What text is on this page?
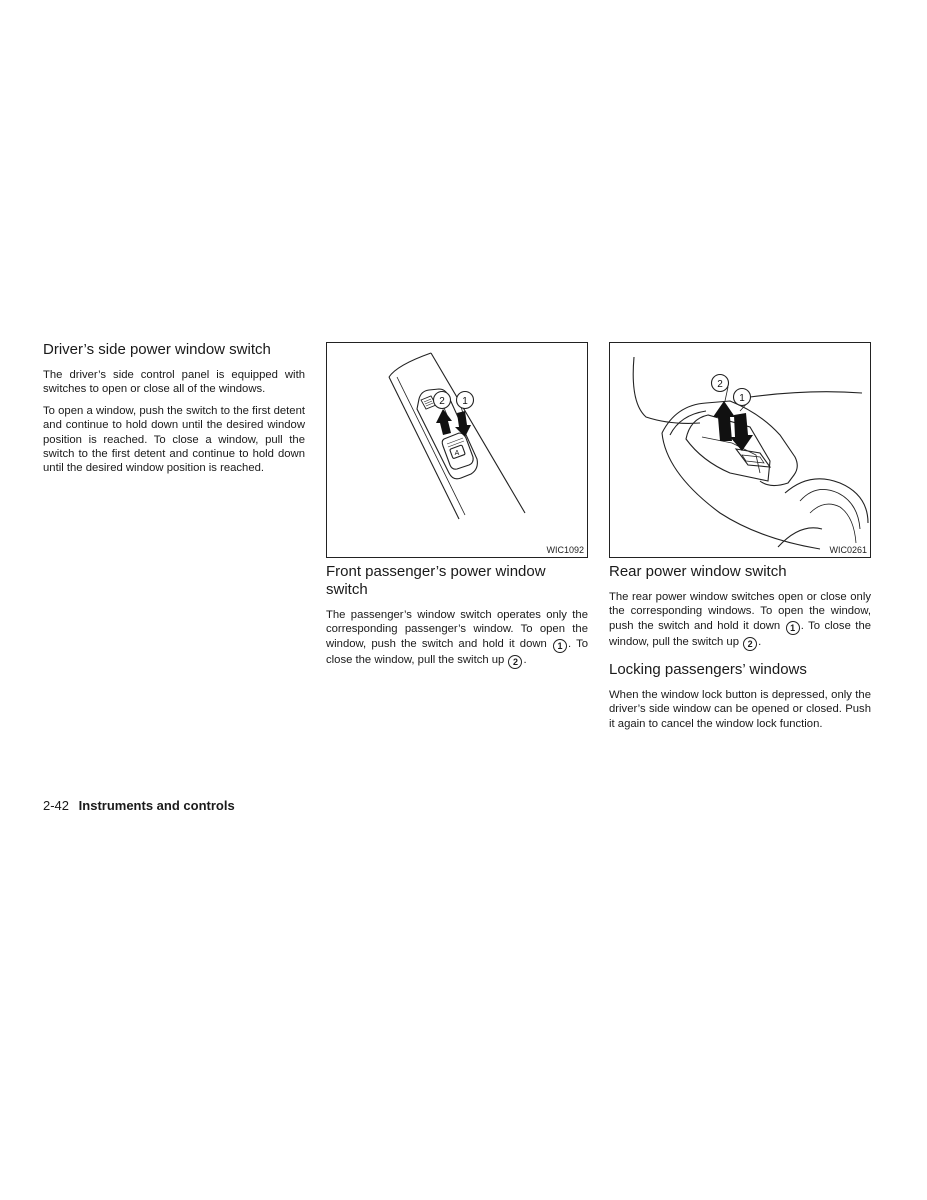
Driver’s side power window switch

The driver’s side control panel is equipped with switches to open or close all of the windows.

To open a window, push the switch to the first detent and continue to hold down until the desired window position is reached. To close a window, pull the switch to the first detent and continue to hold down until the desired window position is reached.

2 1
A
WIC1092
2
1
WIC0261
Front passenger’s power window switch

The passenger’s window switch operates only the corresponding passenger’s window. To open the window, push the switch and hold it down 1 . To close the window, pull the switch up 2 .

Rear power window switch

The rear power window switches open or close only the corresponding windows. To open the window, push the switch and hold it down 1 . To close the window, pull the switch up 2 .

Locking passengers’ windows

When the window lock button is depressed, only the driver’s side window can be opened or closed. Push it again to cancel the window lock function.

2-42 Instruments and controls
